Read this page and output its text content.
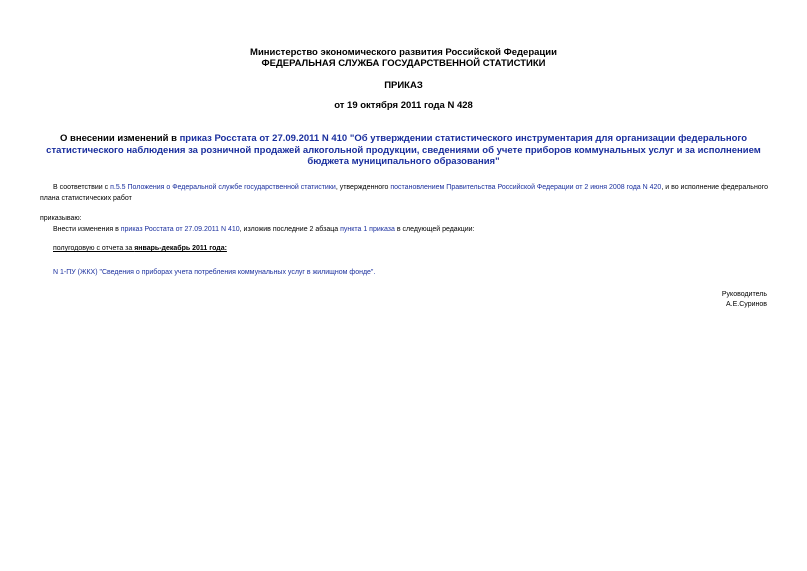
Министерство экономического развития Российской Федерации
ФЕДЕРАЛЬНАЯ СЛУЖБА ГОСУДАРСТВЕННОЙ СТАТИСТИКИ
ПРИКАЗ
от 19 октября 2011 года N 428
О внесении изменений в приказ Росстата от 27.09.2011 N 410 "Об утверждении статистического инструментария для организации федерального статистического наблюдения за розничной продажей алкогольной продукции, сведениями об учете приборов коммунальных услуг и за исполнением бюджета муниципального образования"
В соответствии с п.5.5 Положения о Федеральной службе государственной статистики, утвержденного постановлением Правительства Российской Федерации от 2 июня 2008 года N 420, и во исполнение федерального плана статистических работ
приказываю:
Внести изменения в приказ Росстата от 27.09.2011 N 410, изложив последние 2 абзаца пункта 1 приказа в следующей редакции:
полугодовую с отчета за январь-декабрь 2011 года:
N 1-ПУ (ЖКХ) "Сведения о приборах учета потребления коммунальных услуг в жилищном фонде".
Руководитель
А.Е.Суринов
